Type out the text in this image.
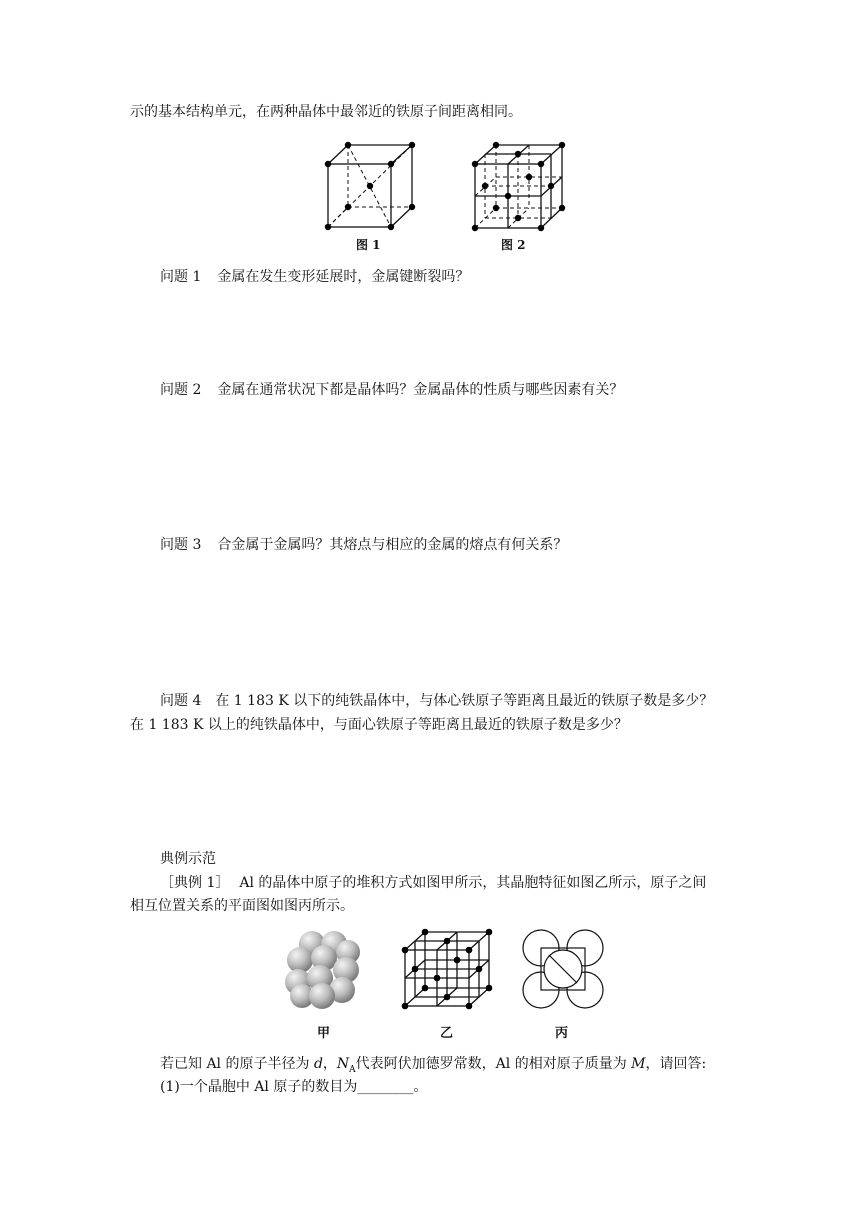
示的基本结构单元，在两种晶体中最邻近的铁原子间距离相同。
图 1	图 2
问题 1 金属在发生变形延展时，金属键断裂吗？
问题 2 金属在通常状况下都是晶体吗？金属晶体的性质与哪些因素有关？
问题 3 合金属于金属吗？其熔点与相应的金属的熔点有何关系？
问题 4 在 1 183 K 以下的纯铁晶体中，与体心铁原子等距离且最近的铁原子数是多少？
在 1 183 K 以上的纯铁晶体中，与面心铁原子等距离且最近的铁原子数是多少？
典例示范
［典例 1］ Al 的晶体中原子的堆积方式如图甲所示，其晶胞特征如图乙所示，原子之间
相互位置关系的平面图如图丙所示。
甲	乙	丙
若已知 Al 的原子半径为 d，$N_A$代表阿伏加德罗常数，Al 的相对原子质量为 M，请回答:
(1)一个晶胞中 Al 原子的数目为________。
